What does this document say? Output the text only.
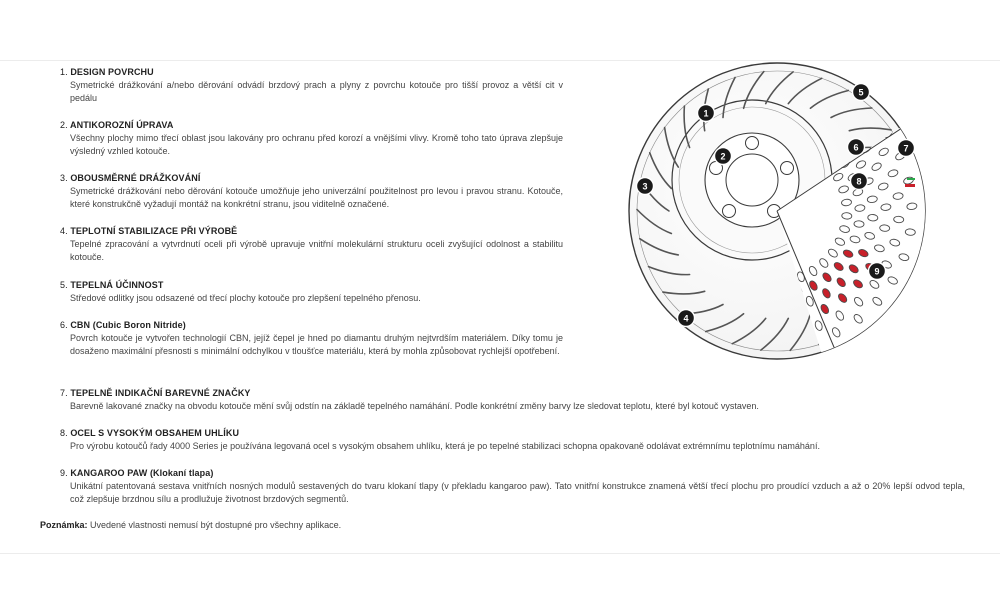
1. DESIGN POVRCHU
Symetrické drážkování a/nebo děrování odvádí brzdový prach a plyny z povrchu kotouče pro tišší provoz a větší cit v pedálu
2. ANTIKOROZNÍ ÚPRAVA
Všechny plochy mimo třecí oblast jsou lakovány pro ochranu před korozí a vnějšími vlivy. Kromě toho tato úprava zlepšuje výsledný vzhled kotouče.
3. OBOUSMĚRNÉ DRÁŽKOVÁNÍ
Symetrické drážkování nebo děrování kotouče umožňuje jeho univerzální použitelnost pro levou i pravou stranu. Kotouče, které konstrukčně vyžadují montáž na konkrétní stranu, jsou viditelně označené.
4. TEPLOTNÍ STABILIZACE PŘI VÝROBĚ
Tepelné zpracování a vytvrdnutí oceli při výrobě upravuje vnitřní molekulární strukturu oceli zvyšující odolnost a stabilitu kotouče.
5. TEPELNÁ ÚČINNOST
Středové odlitky jsou odsazené od třecí plochy kotouče pro zlepšení tepelného přenosu.
6. CBN (Cubic Boron Nitride)
Povrch kotouče je vytvořen technologií CBN, jejíž čepel je hned po diamantu druhým nejtvrdším materiálem. Díky tomu je dosaženo maximální přesnosti s minimální odchylkou v tloušťce materiálu, která by mohla způsobovat rychlejší opotřebení.
7. TEPELNĚ INDIKAČNÍ BAREVNÉ ZNAČKY
Barevně lakované značky na obvodu kotouče mění svůj odstín na základě tepelného namáhání. Podle konkrétní změny barvy lze sledovat teplotu, které byl kotouč vystaven.
8. OCEL S VYSOKÝM OBSAHEM UHLÍKU
Pro výrobu kotoučů řady 4000 Series je používána legovaná ocel s vysokým obsahem uhlíku, která je po tepelné stabilizaci schopna opakovaně odolávat extrémnímu teplotnímu namáhání.
9. KANGAROO PAW (Klokaní tlapa)
Unikátní patentovaná sestava vnitřních nosných modulů sestavených do tvaru klokaní tlapy (v překladu kangaroo paw). Tato vnitřní konstrukce znamená větší třecí plochu pro proudící vzduch a až o 20% lepší odvod tepla, což zlepšuje brzdnou sílu a prodlužuje životnost brzdových segmentů.
Poznámka: Uvedené vlastnosti nemusí být dostupné pro všechny aplikace.
1
2
3
4
5
6	7
8
9
